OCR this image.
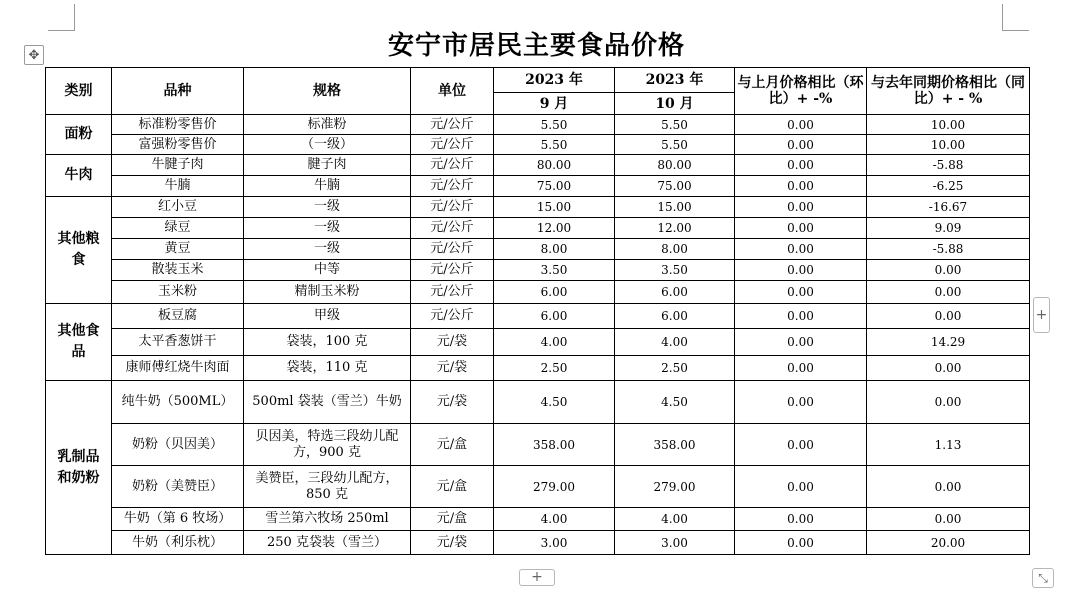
✥	安宁市居民主要食品价格
类别	品种	规格	单位	2023 年	2023 年	与上月价格相比（环比）+ -%	与去年同期价格相比（同比）+ - %
				9 月	10 月		
面粉	标准粉零售价	标准粉	元/公斤	5.50	5.50	0.00	10.00
	富强粉零售价	（一级）	元/公斤	5.50	5.50	0.00	10.00
牛肉	牛腱子肉	腱子肉	元/公斤	80.00	80.00	0.00	-5.88
	牛腩	牛腩	元/公斤	75.00	75.00	0.00	-6.25
其他粮食	红小豆	一级	元/公斤	15.00	15.00	0.00	-16.67
	绿豆	一级	元/公斤	12.00	12.00	0.00	9.09
	黄豆	一级	元/公斤	8.00	8.00	0.00	-5.88
	散装玉米	中等	元/公斤	3.50	3.50	0.00	0.00
	玉米粉	精制玉米粉	元/公斤	6.00	6.00	0.00	0.00
其他食品	板豆腐	甲级	元/公斤	6.00	6.00	0.00	0.00
	太平香葱饼干	袋装，100 克	元/袋	4.00	4.00	0.00	14.29
	康师傅红烧牛肉面	袋装，110 克	元/袋	2.50	2.50	0.00	0.00
乳制品和奶粉	纯牛奶（500ML）	500ml 袋装（雪兰）牛奶	元/袋	4.50	4.50	0.00	0.00
	奶粉（贝因美）	贝因美，特选三段幼儿配方，900 克	元/盒	358.00	358.00	0.00	1.13
	奶粉（美赞臣）	美赞臣，三段幼儿配方，850 克	元/盒	279.00	279.00	0.00	0.00
	牛奶（第 6 牧场）	雪兰第六牧场 250ml	元/盒	4.00	4.00	0.00	0.00
	牛奶（利乐枕）	250 克袋装（雪兰）	元/袋	3.00	3.00	0.00	20.00
+
+	⤡
